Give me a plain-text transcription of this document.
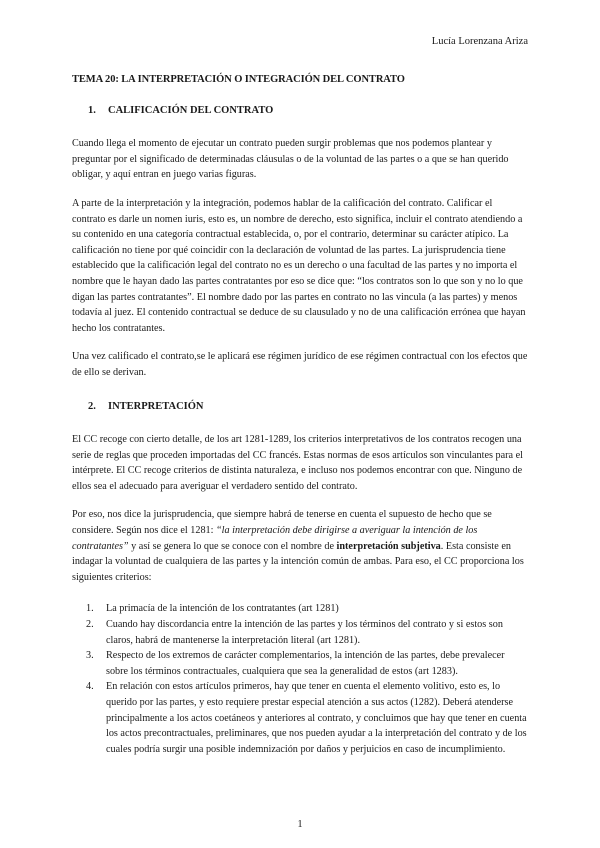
Lucía Lorenzana Ariza
TEMA 20: LA INTERPRETACIÓN O INTEGRACIÓN DEL CONTRATO
1.	CALIFICACIÓN DEL CONTRATO

Cuando llega el momento de ejecutar un contrato pueden surgir problemas que nos podemos plantear y preguntar por el significado de determinadas cláusulas o de la voluntad de las partes o a que se han querido obligar, y aquí entran en juego varias figuras.

A parte de la interpretación y la integración, podemos hablar de la calificación del contrato. Calificar el contrato es darle un nomen iuris, esto es, un nombre de derecho, esto significa, incluir el contrato atendiendo a su contenido en una categoría contractual establecida, o, por el contrario, determinar su carácter atípico. La calificación no tiene por qué coincidir con la declaración de voluntad de las partes. La jurisprudencia tiene establecido que la calificación legal del contrato no es un derecho o una facultad de las partes y no importa el nombre que le hayan dado las partes contratantes por eso se dice que: “los contratos son lo que son y no lo que digan las partes contratantes”. El nombre dado por las partes en contrato no las vincula (a las partes) y menos todavía al juez. El contenido contractual se deduce de su clausulado y no de una calificación errónea que hayan hecho los contratantes.

Una vez calificado el contrato,se le aplicará ese régimen jurídico de ese régimen contractual con los efectos que de ello se derivan.

2.	INTERPRETACIÓN

El CC recoge con cierto detalle, de los art 1281-1289, los criterios interpretativos de los contratos recogen una serie de reglas que proceden importadas del CC francés. Estas normas de esos artículos son vinculantes para el intérprete. El CC recoge criterios de distinta naturaleza, e incluso nos podemos encontrar con que. Ninguno de ellos sea el adecuado para averiguar el verdadero sentido del contrato.

Por eso, nos dice la jurisprudencia, que siempre habrá de tenerse en cuenta el supuesto de hecho que se considere. Según nos dice el 1281: “la interpretación debe dirigirse a averiguar la intención de los contratantes” y así se genera lo que se conoce con el nombre de interpretación subjetiva. Esta consiste en indagar la voluntad de cualquiera de las partes y la intención común de ambas. Para eso, el CC proporciona los siguientes criterios:

1.	La primacía de la intención de los contratantes (art 1281)
2.	Cuando hay discordancia entre la intención de las partes y los términos del contrato y si estos son claros, habrá de mantenerse la interpretación literal (art 1281).
3.	Respecto de los extremos de carácter complementarios, la intención de las partes, debe prevalecer sobre los términos contractuales, cualquiera que sea la generalidad de estos (art 1283).
4.	En relación con estos artículos primeros, hay que tener en cuenta el elemento volitivo, esto es, lo querido por las partes, y esto requiere prestar especial atención a sus actos (1282). Deberá atenderse principalmente a los actos coetáneos y anteriores al contrato, y concluimos que hay que tener en cuenta los actos precontractuales, preliminares, que nos pueden ayudar a la interpretación del contrato y de los cuales podría surgir una posible indemnización por daños y perjuicios en caso de incumplimiento.
1
